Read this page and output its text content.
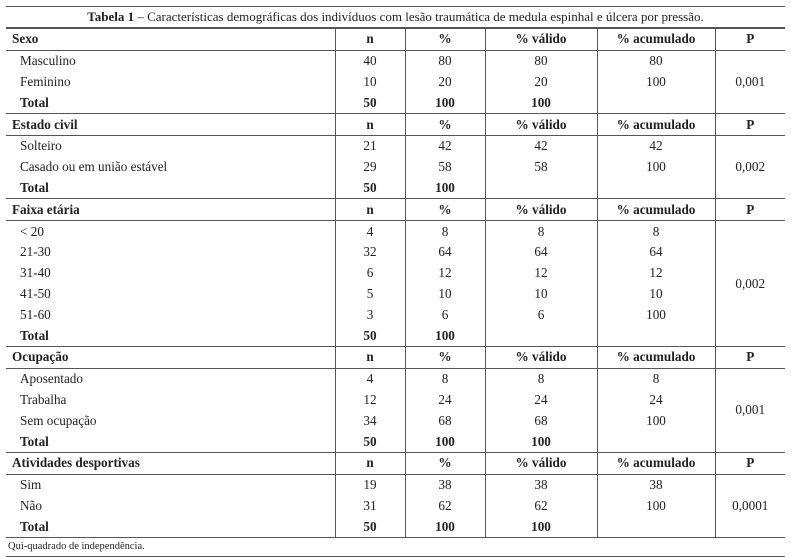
Tabela 1 – Características demográficas dos indivíduos com lesão traumática de medula espinhal e úlcera por pressão.
Sexo	n	%	% válido	% acumulado	P
Masculino	40	80	80	80	0,001
Feminino	10	20	20	100	
Total	50	100	100		
Estado civil	n	%	% válido	% acumulado	P
Solteiro	21	42	42	42	0,002
Casado ou em união estável	29	58	58	100	
Total	50	100			
Faixa etária	n	%	% válido	% acumulado	P
< 20	4	8	8	8	0,002
21-30	32	64	64	64	
31-40	6	12	12	12	
41-50	5	10	10	10	
51-60	3	6	6	100	
Total	50	100			
Ocupação	n	%	% válido	% acumulado	P
Aposentado	4	8	8	8	0,001
Trabalha	12	24	24	24	
Sem ocupação	34	68	68	100	
Total	50	100	100		
Atividades desportivas	n	%	% válido	% acumulado	P
Sim	19	38	38	38	0,0001
Não	31	62	62	100	
Total	50	100	100		
Qui-quadrado de independência.
